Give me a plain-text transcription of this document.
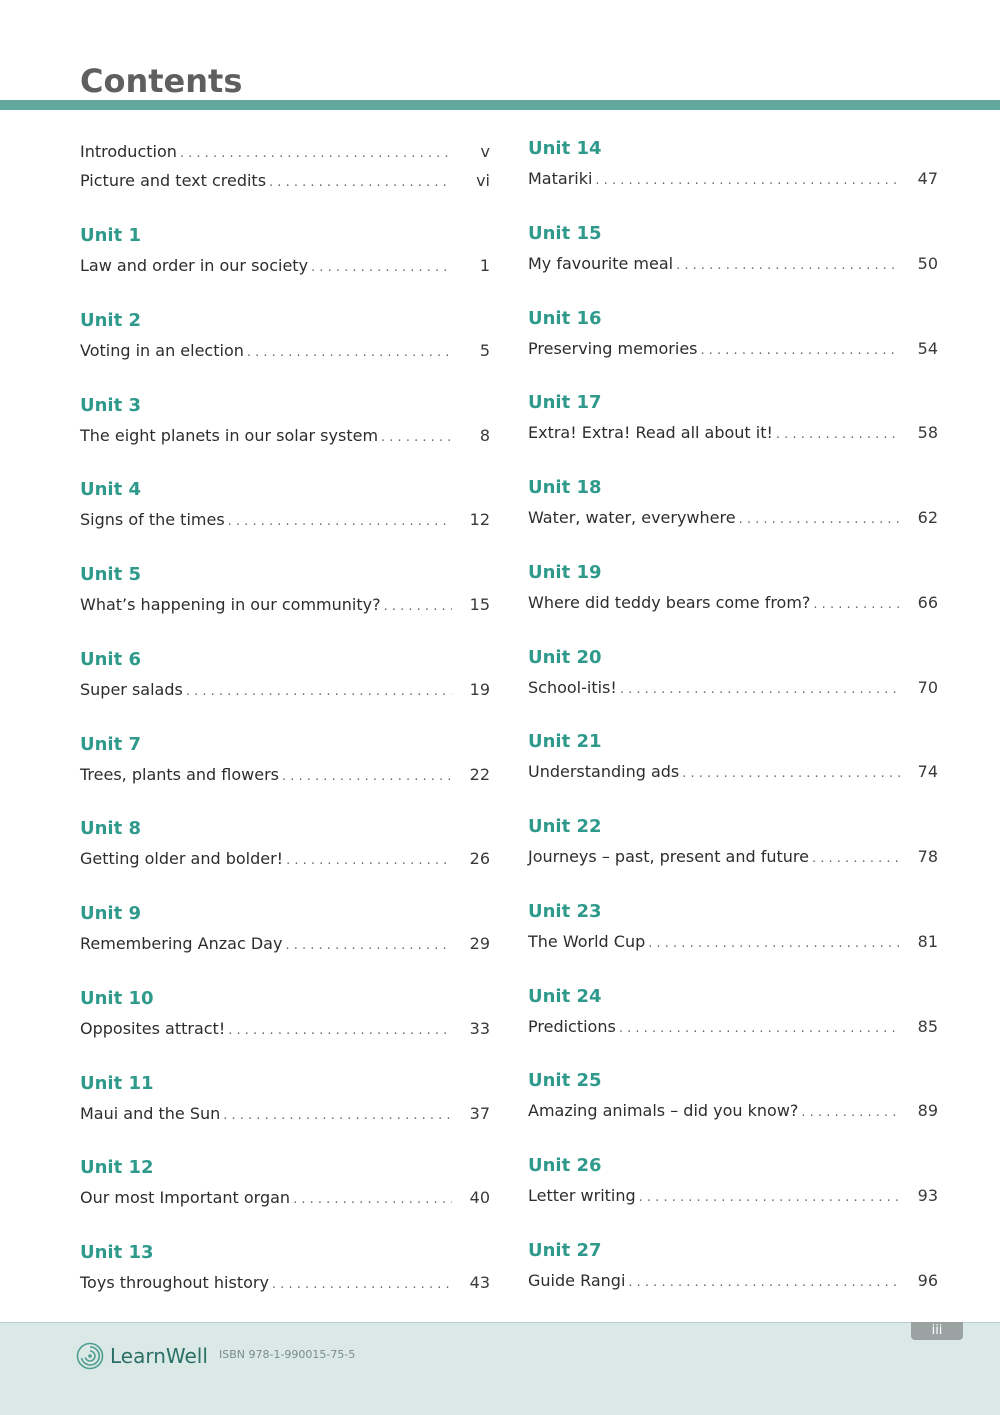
Contents
Introduction . . .	v
Picture and text credits . . .	vi
Unit 1
Law and order in our society . . .	1
Unit 2
Voting in an election . . .	5
Unit 3
The eight planets in our solar system . . .	8
Unit 4
Signs of the times . . .	12
Unit 5
What’s happening in our community? . . .	15
Unit 6
Super salads . . .	19
Unit 7
Trees, plants and flowers . . .	22
Unit 8
Getting older and bolder! . . .	26
Unit 9
Remembering Anzac Day . . .	29
Unit 10
Opposites attract! . . .	33
Unit 11
Maui and the Sun . . .	37
Unit 12
Our most Important organ . . .	40
Unit 13
Toys throughout history . . .	43
Unit 14
Matariki . . .	47
Unit 15
My favourite meal . . .	50
Unit 16
Preserving memories . . .	54
Unit 17
Extra! Extra! Read all about it! . . .	58
Unit 18
Water, water, everywhere . . .	62
Unit 19
Where did teddy bears come from? . . .	66
Unit 20
School-itis! . . .	70
Unit 21
Understanding ads . . .	74
Unit 22
Journeys – past, present and future . . .	78
Unit 23
The World Cup . . .	81
Unit 24
Predictions . . .	85
Unit 25
Amazing animals – did you know? . . .	89
Unit 26
Letter writing . . .	93
Unit 27
Guide Rangi . . .	96
iii
LearnWell ISBN 978-1-990015-75-5
